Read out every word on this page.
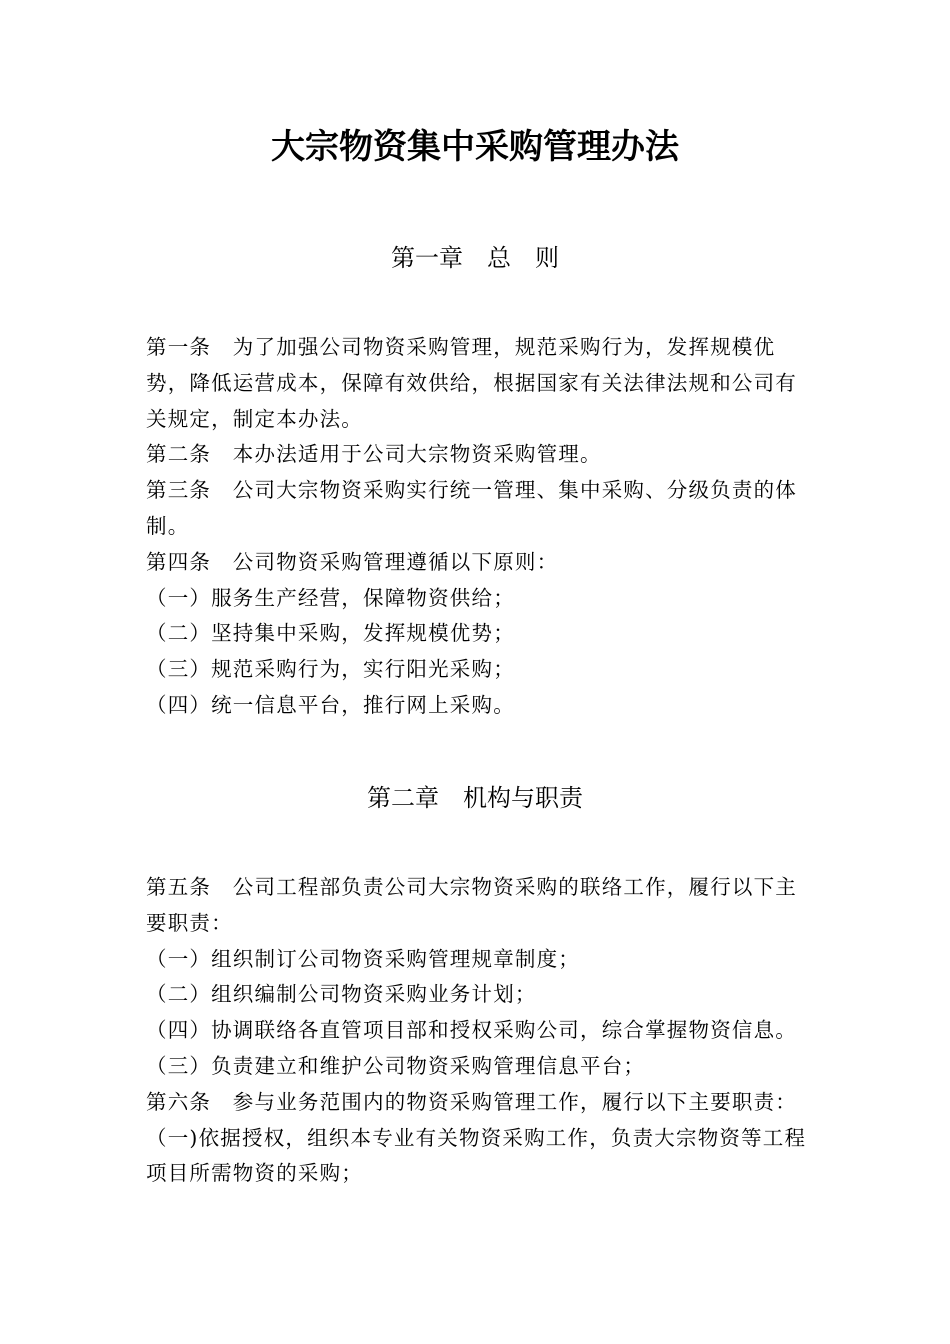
大宗物资集中采购管理办法
第一章　总　则

第一条　为了加强公司物资采购管理，规范采购行为，发挥规模优势，降低运营成本，保障有效供给，根据国家有关法律法规和公司有关规定，制定本办法。

第二条　本办法适用于公司大宗物资采购管理。

第三条　公司大宗物资采购实行统一管理、集中采购、分级负责的体制。

第四条　公司物资采购管理遵循以下原则：

（一）服务生产经营，保障物资供给；

（二）坚持集中采购，发挥规模优势；

（三）规范采购行为，实行阳光采购；

（四）统一信息平台，推行网上采购。

第二章　机构与职责

第五条　公司工程部负责公司大宗物资采购的联络工作，履行以下主要职责：

（一）组织制订公司物资采购管理规章制度；

（二）组织编制公司物资采购业务计划；

（四）协调联络各直管项目部和授权采购公司，综合掌握物资信息。

（三）负责建立和维护公司物资采购管理信息平台；

第六条　参与业务范围内的物资采购管理工作，履行以下主要职责：

（一)依据授权，组织本专业有关物资采购工作，负责大宗物资等工程项目所需物资的采购；
